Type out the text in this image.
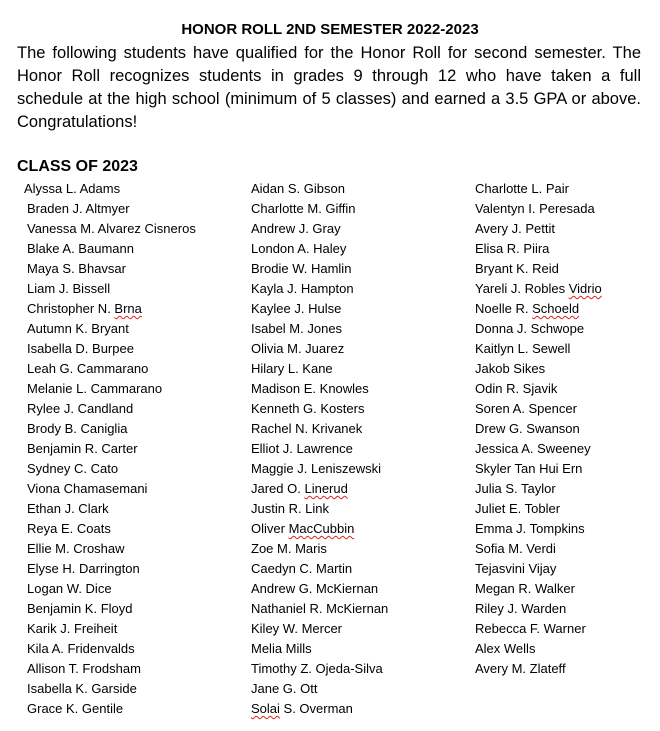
HONOR ROLL 2ND SEMESTER 2022-2023
The following students have qualified for the Honor Roll for second semester. The
Honor Roll recognizes students in grades 9 through 12 who have taken a full
schedule at the high school (minimum of 5 classes) and earned a 3.5 GPA or above.
Congratulations!
CLASS OF 2023
Alyssa L. Adams
Braden J. Altmyer
Vanessa M. Alvarez Cisneros
Blake A. Baumann
Maya S. Bhavsar
Liam J. Bissell
Christopher N. Brna
Autumn K. Bryant
Isabella D. Burpee
Leah G. Cammarano
Melanie L. Cammarano
Rylee J. Candland
Brody B. Caniglia
Benjamin R. Carter
Sydney C. Cato
Viona Chamasemani
Ethan J. Clark
Reya E. Coats
Ellie M. Croshaw
Elyse H. Darrington
Logan W. Dice
Benjamin K. Floyd
Karik J. Freiheit
Kila A. Fridenvalds
Allison T. Frodsham
Isabella K. Garside
Grace K. Gentile
Aidan S. Gibson
Charlotte M. Giffin
Andrew J. Gray
London A. Haley
Brodie W. Hamlin
Kayla J. Hampton
Kaylee J. Hulse
Isabel M. Jones
Olivia M. Juarez
Hilary L. Kane
Madison E. Knowles
Kenneth G. Kosters
Rachel N. Krivanek
Elliot J. Lawrence
Maggie J. Leniszewski
Jared O. Linerud
Justin R. Link
Oliver MacCubbin
Zoe M. Maris
Caedyn C. Martin
Andrew G. McKiernan
Nathaniel R. McKiernan
Kiley W. Mercer
Melia Mills
Timothy Z. Ojeda-Silva
Jane G. Ott
Solai S. Overman
Charlotte L. Pair
Valentyn I. Peresada
Avery J. Pettit
Elisa R. Piira
Bryant K. Reid
Yareli J. Robles Vidrio
Noelle R. Schoeld
Donna J. Schwope
Kaitlyn L. Sewell
Jakob Sikes
Odin R. Sjavik
Soren A. Spencer
Drew G. Swanson
Jessica A. Sweeney
Skyler Tan Hui Ern
Julia S. Taylor
Juliet E. Tobler
Emma J. Tompkins
Sofia M. Verdi
Tejasvini Vijay
Megan R. Walker
Riley J. Warden
Rebecca F. Warner
Alex Wells
Avery M. Zlateff
